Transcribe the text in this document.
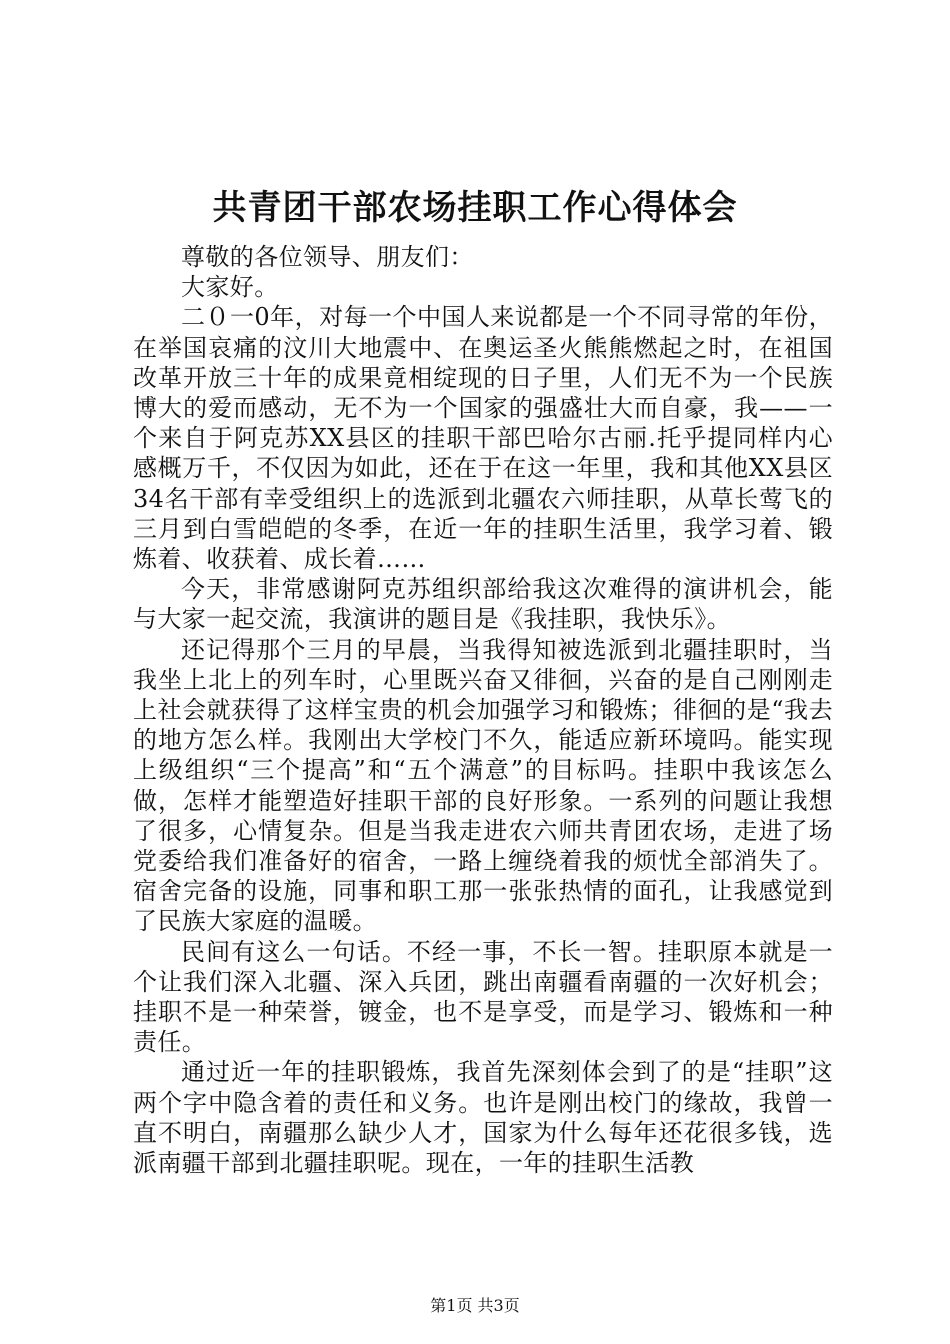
共青团干部农场挂职工作心得体会

尊敬的各位领导、朋友们：

大家好。

二０一0年，对每一个中国人来说都是一个不同寻常的年份，在举国哀痛的汶川大地震中、在奥运圣火熊熊燃起之时，在祖国改革开放三十年的成果竟相绽现的日子里，人们无不为一个民族博大的爱而感动，无不为一个国家的强盛壮大而自豪，我——一个来自于阿克苏XX县区的挂职干部巴哈尔古丽.托乎提同样内心感概万千，不仅因为如此，还在于在这一年里，我和其他XX县区34名干部有幸受组织上的选派到北疆农六师挂职，从草长莺飞的三月到白雪皑皑的冬季，在近一年的挂职生活里，我学习着、锻炼着、收获着、成长着……

今天，非常感谢阿克苏组织部给我这次难得的演讲机会，能与大家一起交流，我演讲的题目是《我挂职，我快乐》。

还记得那个三月的早晨，当我得知被选派到北疆挂职时，当我坐上北上的列车时，心里既兴奋又徘徊，兴奋的是自己刚刚走上社会就获得了这样宝贵的机会加强学习和锻炼；徘徊的是“我去的地方怎么样。我刚出大学校门不久，能适应新环境吗。能实现上级组织“三个提高”和“五个满意”的目标吗。挂职中我该怎么做，怎样才能塑造好挂职干部的良好形象。一系列的问题让我想了很多，心情复杂。但是当我走进农六师共青团农场，走进了场党委给我们准备好的宿舍，一路上缠绕着我的烦忧全部消失了。宿舍完备的设施，同事和职工那一张张热情的面孔，让我感觉到了民族大家庭的温暖。

民间有这么一句话。不经一事，不长一智。挂职原本就是一个让我们深入北疆、深入兵团，跳出南疆看南疆的一次好机会；挂职不是一种荣誉，镀金，也不是享受，而是学习、锻炼和一种责任。

通过近一年的挂职锻炼，我首先深刻体会到了的是“挂职”这两个字中隐含着的责任和义务。也许是刚出校门的缘故，我曾一直不明白，南疆那么缺少人才，国家为什么每年还花很多钱，选派南疆干部到北疆挂职呢。现在，一年的挂职生活教

第1页 共3页
